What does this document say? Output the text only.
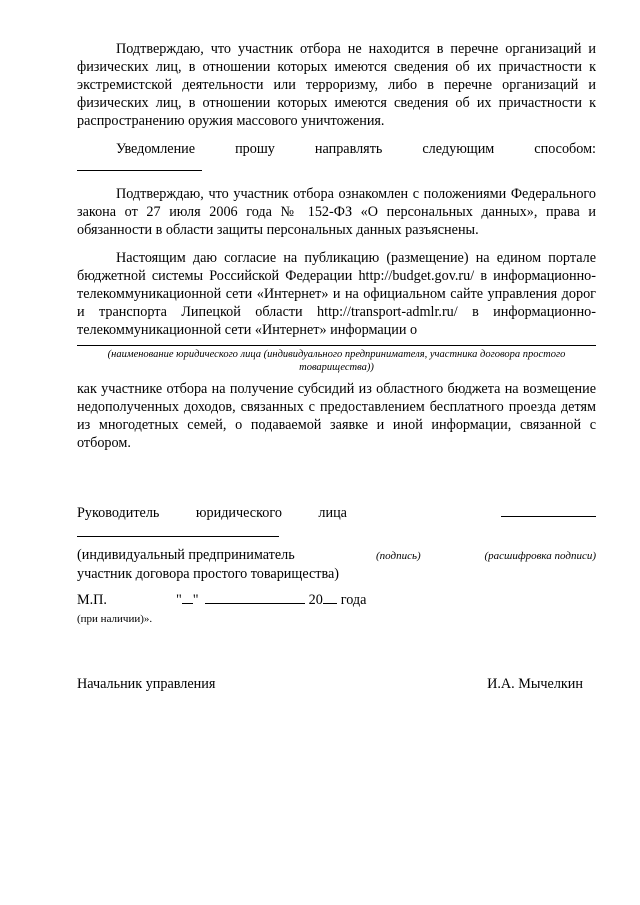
Подтверждаю, что участник отбора не находится в перечне организаций и физических лиц, в отношении которых имеются сведения об их причастности к экстремистской деятельности или терроризму, либо в перечне организаций и физических лиц, в отношении которых имеются сведения об их причастности к распространению оружия массового уничтожения.

Уведомление прошу направлять следующим способом:

Подтверждаю, что участник отбора ознакомлен с положениями Федерального закона от 27 июля 2006 года № 152-ФЗ «О персональных данных», права и обязанности в области защиты персональных данных разъяснены.

Настоящим даю согласие на публикацию (размещение) на едином портале бюджетной системы Российской Федерации http://budget.gov.ru/ в информационно-телекоммуникационной сети «Интернет» и на официальном сайте управления дорог и транспорта Липецкой области http://transport-admlr.ru/ в информационно-телекоммуникационной сети «Интернет» информации о

(наименование юридического лица (индивидуального предпринимателя, участника договора простого товарищества))

как участнике отбора на получение субсидий из областного бюджета на возмещение недополученных доходов, связанных с предоставлением бесплатного проезда детям из многодетных семей, о подаваемой заявке и иной информации, связанной с отбором.

Руководитель	юридического	лица
(индивидуальный предприниматель	(подпись)	(расшифровка подписи)
участник договора простого товарищества)
М.П.	" "	20 года
(при наличии)».
Начальник управления	И.А. Мычелкин
